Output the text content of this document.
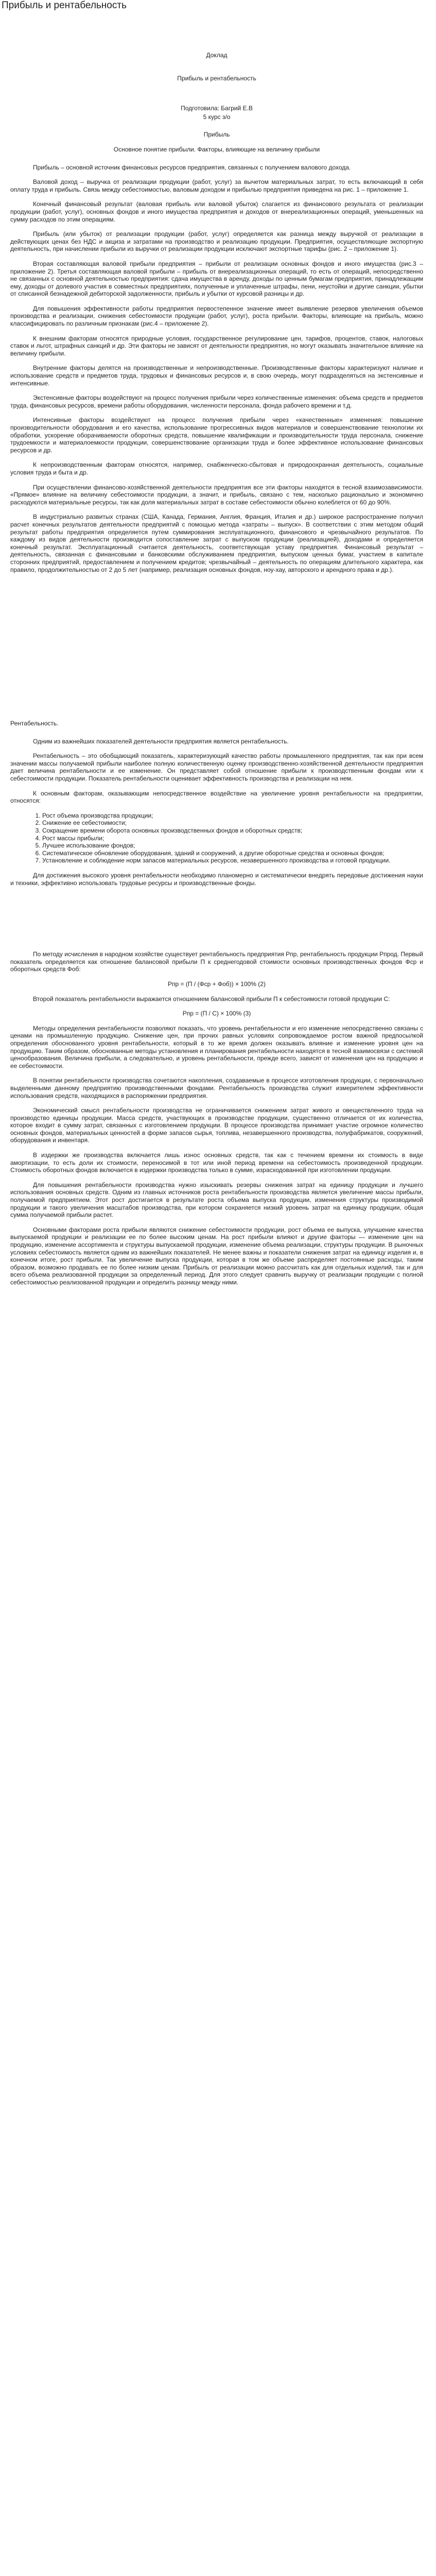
Прибыль и рентабельность
Доклад
Прибыль и рентабельность
Подготовила: Багрий Е.В
5 курс з/о
Прибыль
Основное понятие прибыли. Факторы, влияющие на величину прибыли

Прибыль – основной источник финансовых ресурсов предприятия, связанных с получением валового дохода.

Валовой доход – выручка от реализации продукции (работ, услуг) за вычетом материальных затрат, то есть включающий в себя оплату труда и прибыль. Связь между себестоимостью, валовым доходом и прибылью предприятия приведена на рис. 1 – приложение 1.

Конечный финансовый результат (валовая прибыль или валовой убыток) слагается из финансового результата от реализации продукции (работ, услуг), основных фондов и иного имущества предприятия и доходов от внереализационных операций, уменьшенных на сумму расходов по этим операциям.

Прибыль (или убыток) от реализации продукции (работ, услуг) определяется как разница между выручкой от реализации в действующих ценах без НДС и акциза и затратами на производство и реализацию продукции. Предприятия, осуществляющие экспортную деятельность, при начислении прибыли из выручки от реализации продукции исключают экспортные тарифы (рис. 2 – приложение 1).

Вторая составляющая валовой прибыли предприятия – прибыли от реализации основных фондов и иного имущества (рис.3 – приложение 2). Третья составляющая валовой прибыли – прибыль от внереализационных операций, то есть от операций, непосредственно не связанных с основной деятельностью предприятия: сдача имущества в аренду, доходы по ценным бумагам предприятия, принадлежащим ему, доходы от долевого участия в совместных предприятиях, полученные и уплаченные штрафы, пени, неустойки и другие санкции, убытки от списанной безнадежной дебиторской задолженности, прибыль и убытки от курсовой разницы и др.

Для повышения эффективности работы предприятия первостепенное значение имеет выявление резервов увеличения объемов производства и реализации, снижения себестоимости продукции (работ, услуг), роста прибыли. Факторы, влияющие на прибыль, можно классифицировать по различным признакам (рис.4 – приложение 2).

К внешним факторам относятся природные условия, государственное регулирование цен, тарифов, процентов, ставок, налоговых ставок и льгот, штрафных санкций и др. Эти факторы не зависят от деятельности предприятия, но могут оказывать значительное влияние на величину прибыли.

Внутренние факторы делятся на производственные и непроизводственные. Производственные факторы характеризуют наличие и использование средств и предметов труда, трудовых и финансовых ресурсов и, в свою очередь, могут подразделяться на экстенсивные и интенсивные.

Экстенсивные факторы воздействуют на процесс получения прибыли через количественные изменения: объема средств и предметов труда, финансовых ресурсов, времени работы оборудования, численности персонала, фонда рабочего времени и т.д.

Интенсивные факторы воздействуют на процесс получения прибыли через «качественные» изменения: повышение производительности оборудования и его качества, использование прогрессивных видов материалов и совершенствование технологии их обработки, ускорение оборачиваемости оборотных средств, повышение квалификации и производительности труда персонала, снижение трудоемкости и материалоемкости продукции, совершенствование организации труда и более эффективное использование финансовых ресурсов и др.

К непроизводственным факторам относятся, например, снабженческо-сбытовая и природоохранная деятельность, социальные условия труда и быта и др.

При осуществлении финансово-хозяйственной деятельности предприятия все эти факторы находятся в тесной взаимозависимости. «Прямое» влияние на величину себестоимости продукции, а значит, и прибыль, связано с тем, насколько рационально и экономично расходуются материальные ресурсы, так как доля материальных затрат в составе себестоимости обычно колеблется от 60 до 90%.

В индустриально развитых странах (США, Канада, Германия, Англия, Франция, Италия и др.) широкое распространение получил расчет конечных результатов деятельности предприятий с помощью метода «затраты – выпуск». В соответствии с этим методом общий результат работы предприятия определяется путем суммирования эксплуатационного, финансового и чрезвычайного результатов. По каждому из видов деятельности производится сопоставление затрат с выпуском продукции (реализацией), доходами и определяется конечный результат. Эксплуатационный считается деятельность, соответствующая уставу предприятия. Финансовый результат – деятельность, связанная с финансовыми и банковскими обслуживанием предприятия, выпуском ценных бумаг, участием в капитале сторонних предприятий, предоставлением и получением кредитов; чрезвычайный – деятельность по операциям длительного характера, как правило, продолжительностью от 2 до 5 лет (например, реализация основных фондов, ноу-хау, авторского и арендного права и др.).

Рентабельность.

Одним из важнейших показателей деятельности предприятия является рентабельность.

Рентабельность – это обобщающий показатель, характеризующий качество работы промышленного предприятия, так как при всем значении массы получаемой прибыли наиболее полную количественную оценку производственно-хозяйственной деятельности предприятия дает величина рентабельности и ее изменение. Он представляет собой отношение прибыли к производственным фондам или к себестоимости продукции. Показатель рентабельности оценивает эффективность производства и реализации на нем.

К основным факторам, оказывающим непосредственное воздействие на увеличение уровня рентабельности на предприятии, относятся:

1. Рост объема производства продукции;
2. Снижение ее себестоимости;
3. Сокращение времени оборота основных производственных фондов и оборотных средств;
4. Рост массы прибыли;
5. Лучшее использование фондов;
6. Систематическое обновление оборудования, зданий и сооружений, а другие оборотные средства и основных фондов;
7. Установление и соблюдение норм запасов материальных ресурсов, незавершенного производства и готовой продукции.

Для достижения высокого уровня рентабельности необходимо планомерно и систематически внедрять передовые достижения науки и техники, эффективно использовать трудовые ресурсы и производственные фонды.

По методу исчисления в народном хозяйстве существует рентабельность предприятия Pпр, рентабельность продукции Pпрод. Первый показатель определяется как отношение балансовой прибыли П к среднегодовой стоимости основных производственных фондов Фср и оборотных средств Фоб:

Pпр = (П / (Фср + Фоб)) × 100% (2)

Второй показатель рентабельности выражается отношением балансовой прибыли П к себестоимости готовой продукции C:

Pпр = (П / C) × 100% (3)

Методы определения рентабельности позволяют показать, что уровень рентабельности и его изменение непосредственно связаны с ценами на промышленную продукцию. Снижение цен, при прочих равных условиях сопровождаемое ростом важной предпосылкой определения обоснованного уровня рентабельности, который в то же время должен оказывать влияние и изменение уровня цен на продукцию. Таким образом, обоснованные методы установления и планирования рентабельности находятся в тесной взаимосвязи с системой ценообразования. Величина прибыли, а следовательно, и уровень рентабельности, прежде всего, зависят от изменения цен на продукцию и ее себестоимости.

В понятии рентабельности производства сочетаются накопления, создаваемые в процессе изготовления продукции, с первоначально выделенными данному предприятию производственными фондами. Рентабельность производства служит измерителем эффективности использования средств, находящихся в распоряжении предприятия.

Экономический смысл рентабельности производства не ограничивается снижением затрат живого и овеществленного труда на производство единицы продукции. Масса средств, участвующих в производстве продукции, существенно отличается от их количества, которое входит в сумму затрат, связанных с изготовлением продукции. В процессе производства принимает участие огромное количество основных фондов, материальных ценностей в форме запасов сырья, топлива, незавершенного производства, полуфабрикатов, сооружений, оборудования и инвентаря.

В издержки же производства включается лишь износ основных средств, так как с течением времени их стоимость в виде амортизации, то есть доли их стоимости, переносимой в тот или иной период времени на себестоимость произведенной продукции. Стоимость оборотных фондов включается в издержки производства только в сумме, израсходованной при изготовлении продукции.

Для повышения рентабельности производства нужно изыскивать резервы снижения затрат на единицу продукции и лучшего использования основных средств. Одним из главных источников роста рентабельности производства является увеличение массы прибыли, получаемой предприятием. Этот рост достигается в результате роста объема выпуска продукции, изменения структуры производимой продукции и такого увеличения масштабов производства, при котором сохраняется низкий уровень затрат на единицу продукции, общая сумма получаемой прибыли растет.

Основными факторами роста прибыли являются снижение себестоимости продукции, рост объема ее выпуска, улучшение качества выпускаемой продукции и реализации ее по более высоким ценам. На рост прибыли влияют и другие факторы — изменение цен на продукцию, изменение ассортимента и структуры выпускаемой продукции, изменение объема реализации, структуры продукции. В рыночных условиях себестоимость является одним из важнейших показателей. Не менее важны и показатели снижения затрат на единицу изделия и, в конечном итоге, рост прибыли. Так увеличение выпуска продукции, которая в том же объеме распределяет постоянные расходы, таким образом, возможно продавать ее по более низким ценам. Прибыль от реализации можно рассчитать как для отдельных изделий, так и для всего объема реализованной продукции за определенный период. Для этого следует сравнить выручку от реализации продукции с полной себестоимостью реализованной продукции и определить разницу между ними.
